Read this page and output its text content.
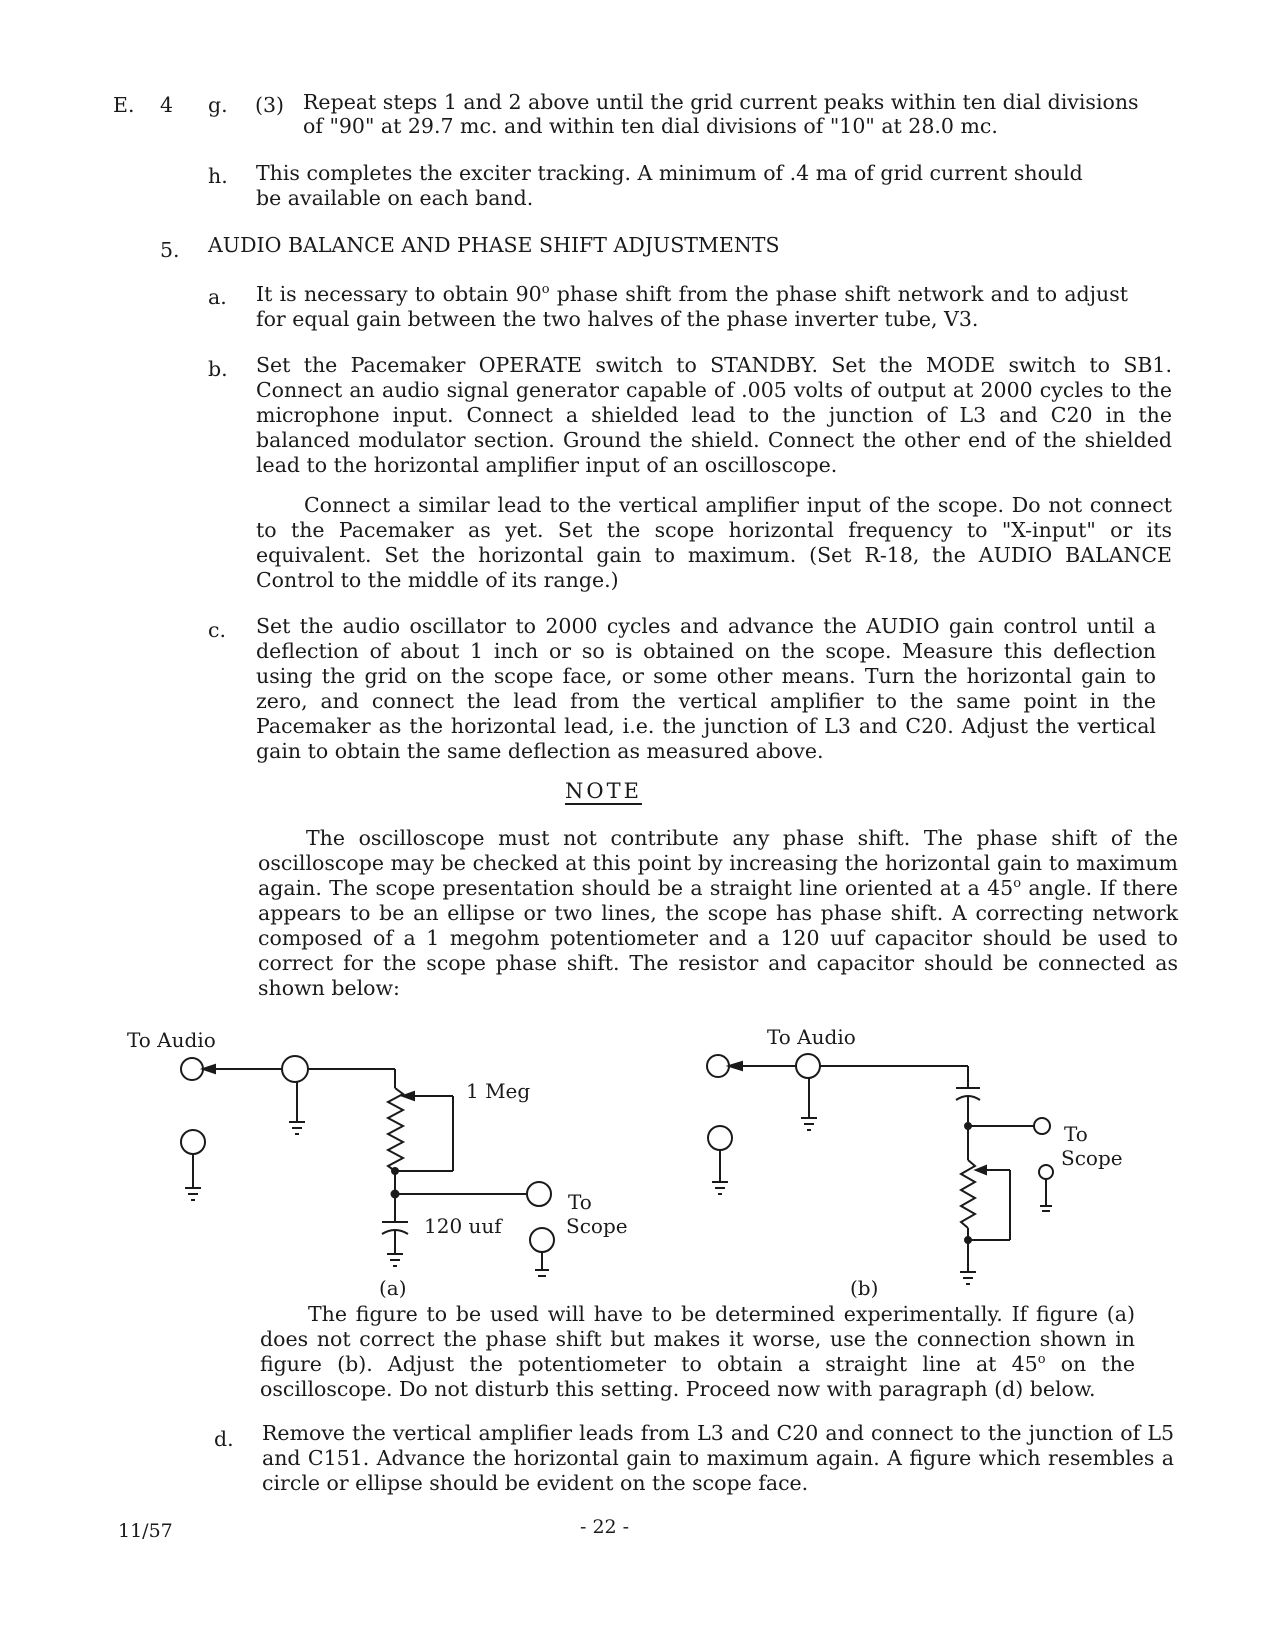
E. 4 g. (3) Repeat steps 1 and 2 above until the grid current peaks within ten dial divisions
of "90" at 29.7 mc. and within ten dial divisions of "10" at 28.0 mc.
h. This completes the exciter tracking. A minimum of .4 ma of grid current should
be available on each band.
5. AUDIO BALANCE AND PHASE SHIFT ADJUSTMENTS
a. It is necessary to obtain 90$^o$ phase shift from the phase shift network and to adjust for equal gain between the two halves of the phase inverter tube, V3.
b. Set the Pacemaker OPERATE switch to STANDBY. Set the MODE switch to SB1. Connect an audio signal generator capable of .005 volts of output at 2000 cycles to the microphone input. Connect a shielded lead to the junction of L3 and C20 in the balanced modulator section. Ground the shield. Connect the other end of the shielded lead to the horizontal amplifier input of an oscilloscope.
Connect a similar lead to the vertical amplifier input of the scope. Do not connect to the Pacemaker as yet. Set the scope horizontal frequency to "X-input" or its equivalent. Set the horizontal gain to maximum. (Set R-18, the AUDIO BALANCE Control to the middle of its range.)
c. Set the audio oscillator to 2000 cycles and advance the AUDIO gain control until a deflection of about 1 inch or so is obtained on the scope. Measure this deflection using the grid on the scope face, or some other means. Turn the horizontal gain to zero, and connect the lead from the vertical amplifier to the same point in the Pacemaker as the horizontal lead, i.e. the junction of L3 and C20. Adjust the vertical gain to obtain the same deflection as measured above.
NOTE
The oscilloscope must not contribute any phase shift. The phase shift of the oscilloscope may be checked at this point by increasing the horizontal gain to maximum again. The scope presentation should be a straight line oriented at a 45$^o$ angle. If there appears to be an ellipse or two lines, the scope has phase shift. A correcting network composed of a 1 megohm potentiometer and a 120 uuf capacitor should be used to correct for the scope phase shift. The resistor and capacitor should be connected as shown below:
To Audio
1 Meg
120 uuf
To
Scope
(a)
To Audio
To
Scope
(b)
The figure to be used will have to be determined experimentally. If figure (a) does not correct the phase shift but makes it worse, use the connection shown in figure (b). Adjust the potentiometer to obtain a straight line at 45$^o$ on the oscilloscope. Do not disturb this setting. Proceed now with paragraph (d) below.
d. Remove the vertical amplifier leads from L3 and C20 and connect to the junction of L5 and C151. Advance the horizontal gain to maximum again. A figure which resembles a circle or ellipse should be evident on the scope face.
11/57	- 22 -
